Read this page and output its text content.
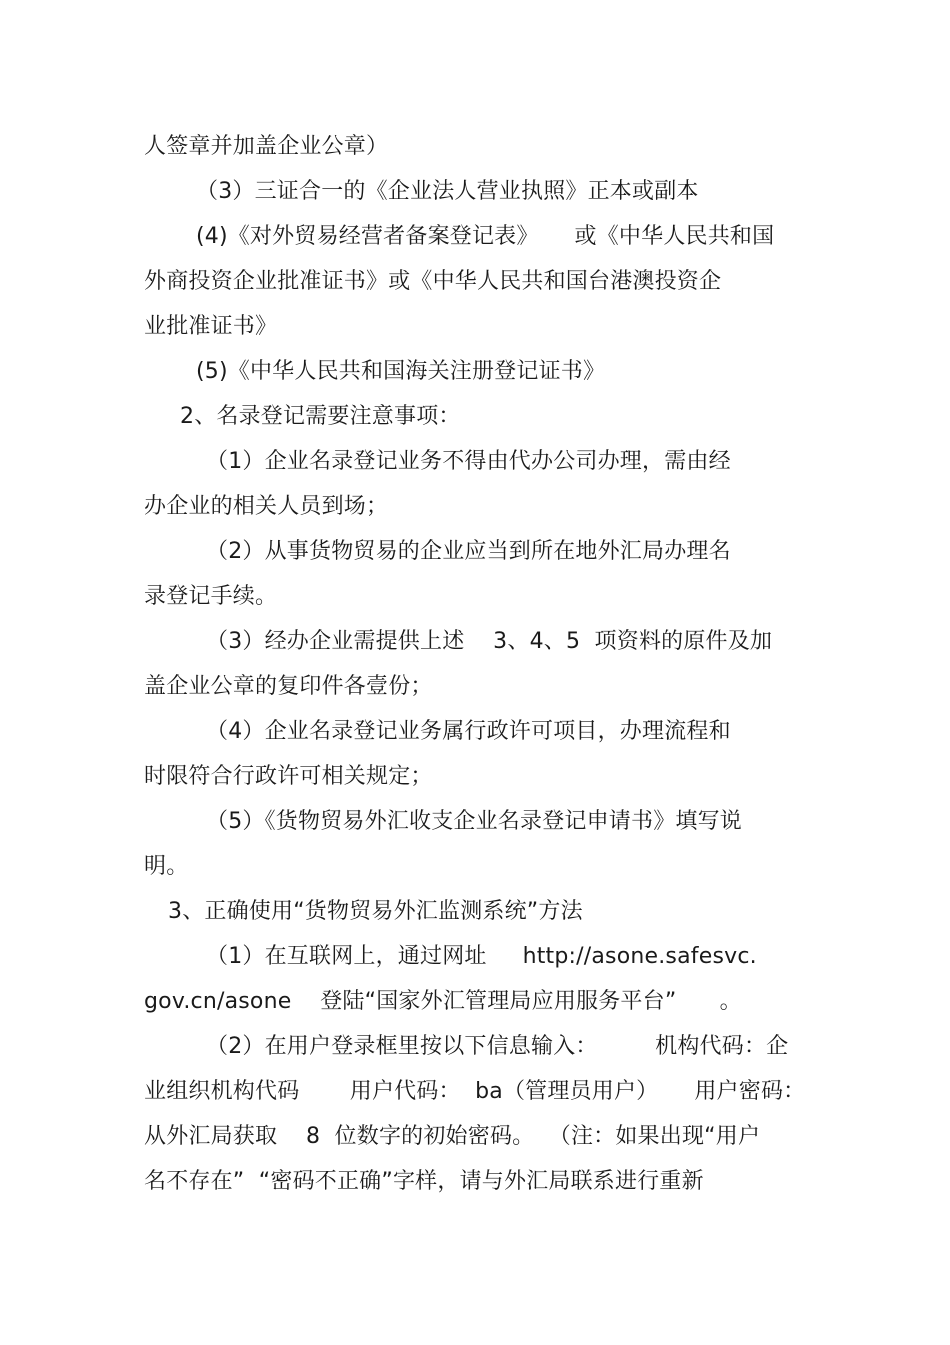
人签章并加盖企业公章）
（3）三证合一的《企业法人营业执照》正本或副本
(4)《对外贸易经营者备案登记表》     或《中华人民共和国
外商投资企业批准证书》或《中华人民共和国台港澳投资企
业批准证书》
(5)《中华人民共和国海关注册登记证书》
2、名录登记需要注意事项：
（1）企业名录登记业务不得由代办公司办理，需由经
办企业的相关人员到场；
（2）从事货物贸易的企业应当到所在地外汇局办理名
录登记手续。
（3）经办企业需提供上述    3、4、5  项资料的原件及加
盖企业公章的复印件各壹份；
（4）企业名录登记业务属行政许可项目，办理流程和
时限符合行政许可相关规定；
（5）《货物贸易外汇收支企业名录登记申请书》填写说
明。
3、正确使用“货物贸易外汇监测系统”方法
（1）在互联网上，通过网址     http://asone.safesvc.
gov.cn/asone    登陆“国家外汇管理局应用服务平台”      。
（2）在用户登录框里按以下信息输入：        机构代码：企
业组织机构代码       用户代码：  ba（管理员用户）     用户密码：
从外汇局获取    8  位数字的初始密码。  （注：如果出现“用户
名不存在”  “密码不正确”字样，请与外汇局联系进行重新
